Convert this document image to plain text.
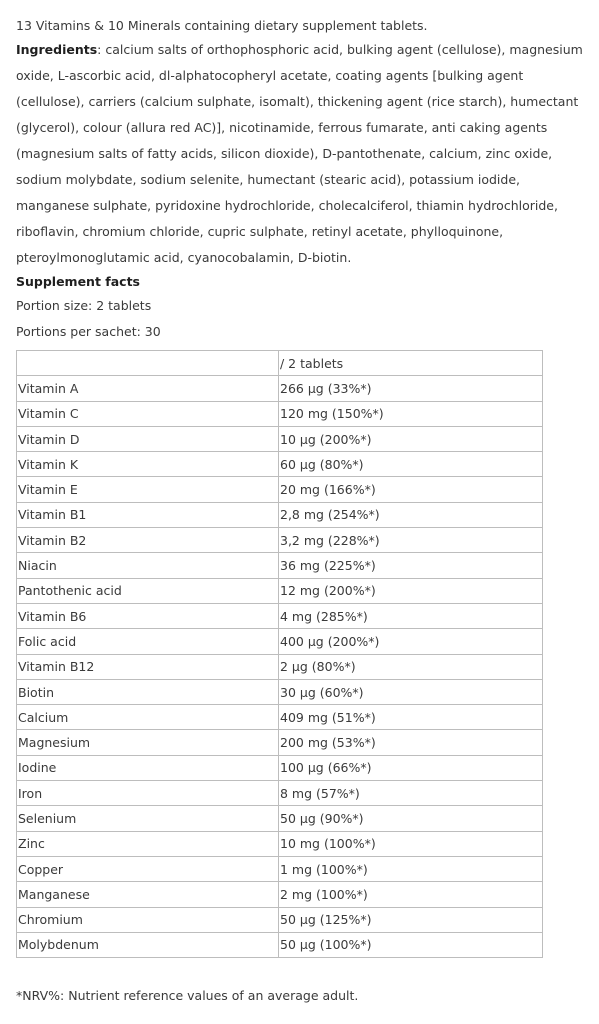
13 Vitamins & 10 Minerals containing dietary supplement tablets.

Ingredients: calcium salts of orthophosphoric acid, bulking agent (cellulose), magnesium oxide, L-ascorbic acid, dl-alphatocopheryl acetate, coating agents [bulking agent (cellulose), carriers (calcium sulphate, isomalt), thickening agent (rice starch), humectant (glycerol), colour (allura red AC)], nicotinamide, ferrous fumarate, anti caking agents (magnesium salts of fatty acids, silicon dioxide), D-pantothenate, calcium, zinc oxide, sodium molybdate, sodium selenite, humectant (stearic acid), potassium iodide, manganese sulphate, pyridoxine hydrochloride, cholecalciferol, thiamin hydrochloride, riboflavin, chromium chloride, cupric sulphate, retinyl acetate, phylloquinone, pteroylmonoglutamic acid, cyanocobalamin, D-biotin.

Supplement facts

Portion size: 2 tablets

Portions per sachet: 30

	/ 2 tablets
Vitamin A	266 µg (33%*)
Vitamin C	120 mg (150%*)
Vitamin D	10 µg (200%*)
Vitamin K	60 µg (80%*)
Vitamin E	20 mg (166%*)
Vitamin B1	2,8 mg (254%*)
Vitamin B2	3,2 mg (228%*)
Niacin	36 mg (225%*)
Pantothenic acid	12 mg (200%*)
Vitamin B6	4 mg (285%*)
Folic acid	400 µg (200%*)
Vitamin B12	2 µg (80%*)
Biotin	30 µg (60%*)
Calcium	409 mg (51%*)
Magnesium	200 mg (53%*)
Iodine	100 µg (66%*)
Iron	8 mg (57%*)
Selenium	50 µg (90%*)
Zinc	10 mg (100%*)
Copper	1 mg (100%*)
Manganese	2 mg (100%*)
Chromium	50 µg (125%*)
Molybdenum	50 µg (100%*)

*NRV%: Nutrient reference values of an average adult.
